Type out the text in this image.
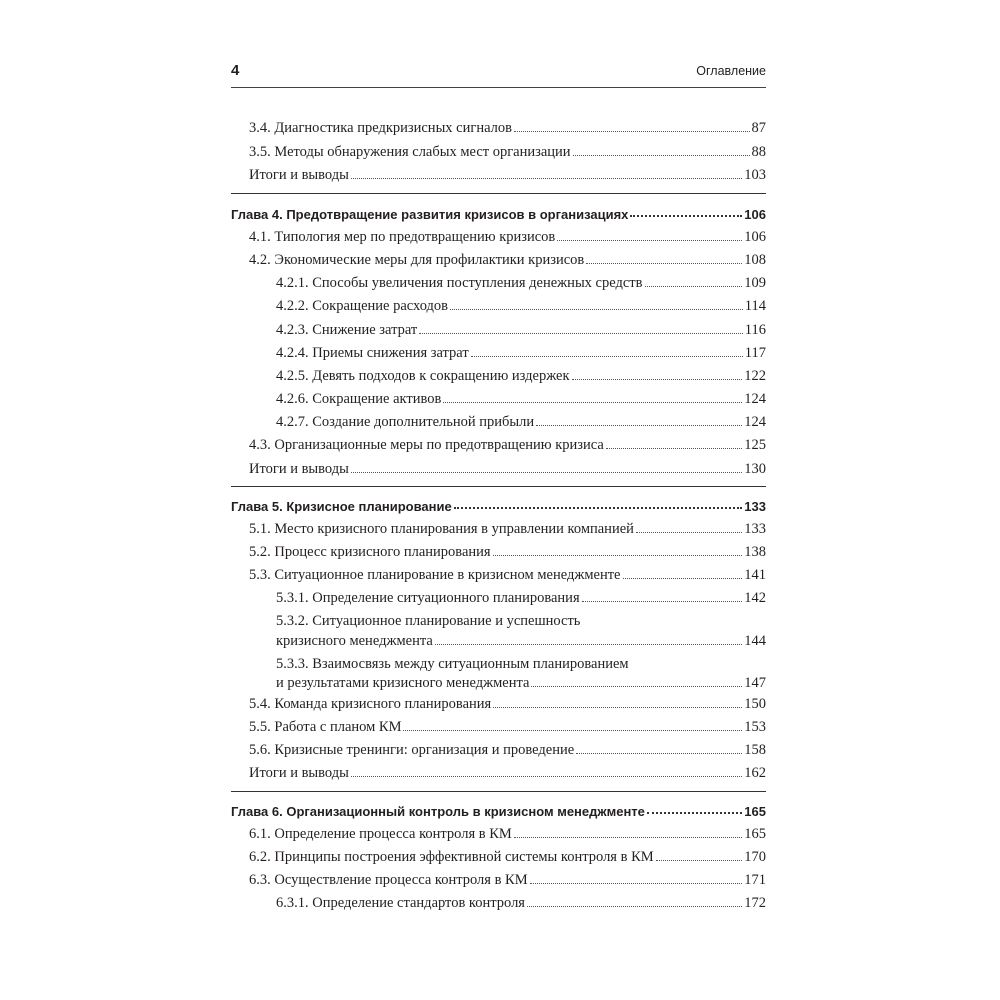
4	Оглавление
3.4. Диагностика предкризисных сигналов	87
3.5. Методы обнаружения слабых мест организации	88
Итоги и выводы	103
Глава 4. Предотвращение развития кризисов в организациях	106
4.1. Типология мер по предотвращению кризисов	106
4.2. Экономические меры для профилактики кризисов	108
4.2.1. Способы увеличения поступления денежных средств	109
4.2.2. Сокращение расходов	114
4.2.3. Снижение затрат	116
4.2.4. Приемы снижения затрат	117
4.2.5. Девять подходов к сокращению издержек	122
4.2.6. Сокращение активов	124
4.2.7. Создание дополнительной прибыли	124
4.3. Организационные меры по предотвращению кризиса	125
Итоги и выводы	130
Глава 5. Кризисное планирование	133
5.1. Место кризисного планирования в управлении компанией	133
5.2. Процесс кризисного планирования	138
5.3. Ситуационное планирование в кризисном менеджменте	141
5.3.1. Определение ситуационного планирования	142
5.3.2. Ситуационное планирование и успешность
кризисного менеджмента	144
5.3.3. Взаимосвязь между ситуационным планированием
и результатами кризисного менеджмента	147
5.4. Команда кризисного планирования	150
5.5. Работа с планом КМ	153
5.6. Кризисные тренинги: организация и проведение	158
Итоги и выводы	162
Глава 6. Организационный контроль в кризисном менеджменте	165
6.1. Определение процесса контроля в КМ	165
6.2. Принципы построения эффективной системы контроля в КМ	170
6.3. Осуществление процесса контроля в КМ	171
6.3.1. Определение стандартов контроля	172
